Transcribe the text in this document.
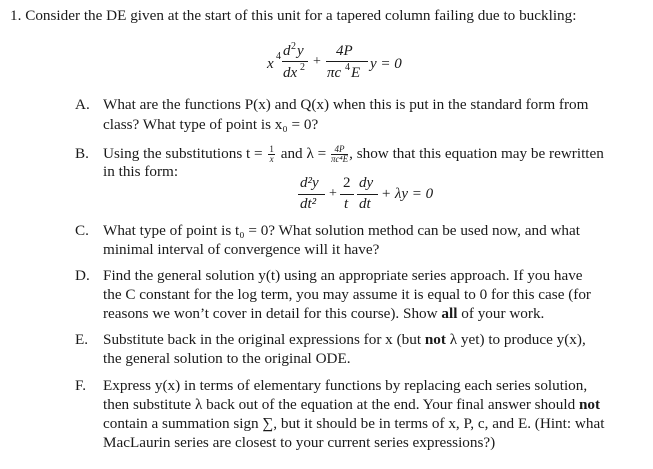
1. Consider the DE given at the start of this unit for a tapered column failing due to buckling:
x 4 d 2 y
dx 2 +
4P
πc 4 E
y = 0
A. What are the functions P(x) and Q(x) when this is put in the standard form from
class? What type of point is x₀ = 0?
B. Using the substitutions $t = \frac{1}{x}$ and $\lambda = \frac{4P}{\text{πc⁴E}}$ , show that this equation may be rewritten
in this form:
d²y
dt²
+
2
t
dy
dt
+ λy = 0
C. What type of point is t₀ = 0? What solution method can be used now, and what
minimal interval of convergence will it have?
D. Find the general solution y(t) using an appropriate series approach. If you have
the C constant for the log term, you may assume it is equal to 0 for this case (for
reasons we won’t cover in detail for this course). Show all of your work.
E. Substitute back in the original expressions for x (but not λ yet) to produce y(x),
the general solution to the original ODE.
F. Express y(x) in terms of elementary functions by replacing each series solution,
then substitute λ back out of the equation at the end. Your final answer should not
contain a summation sign ∑, but it should be in terms of x, P, c, and E. (Hint: what
MacLaurin series are closest to your current series expressions?)
